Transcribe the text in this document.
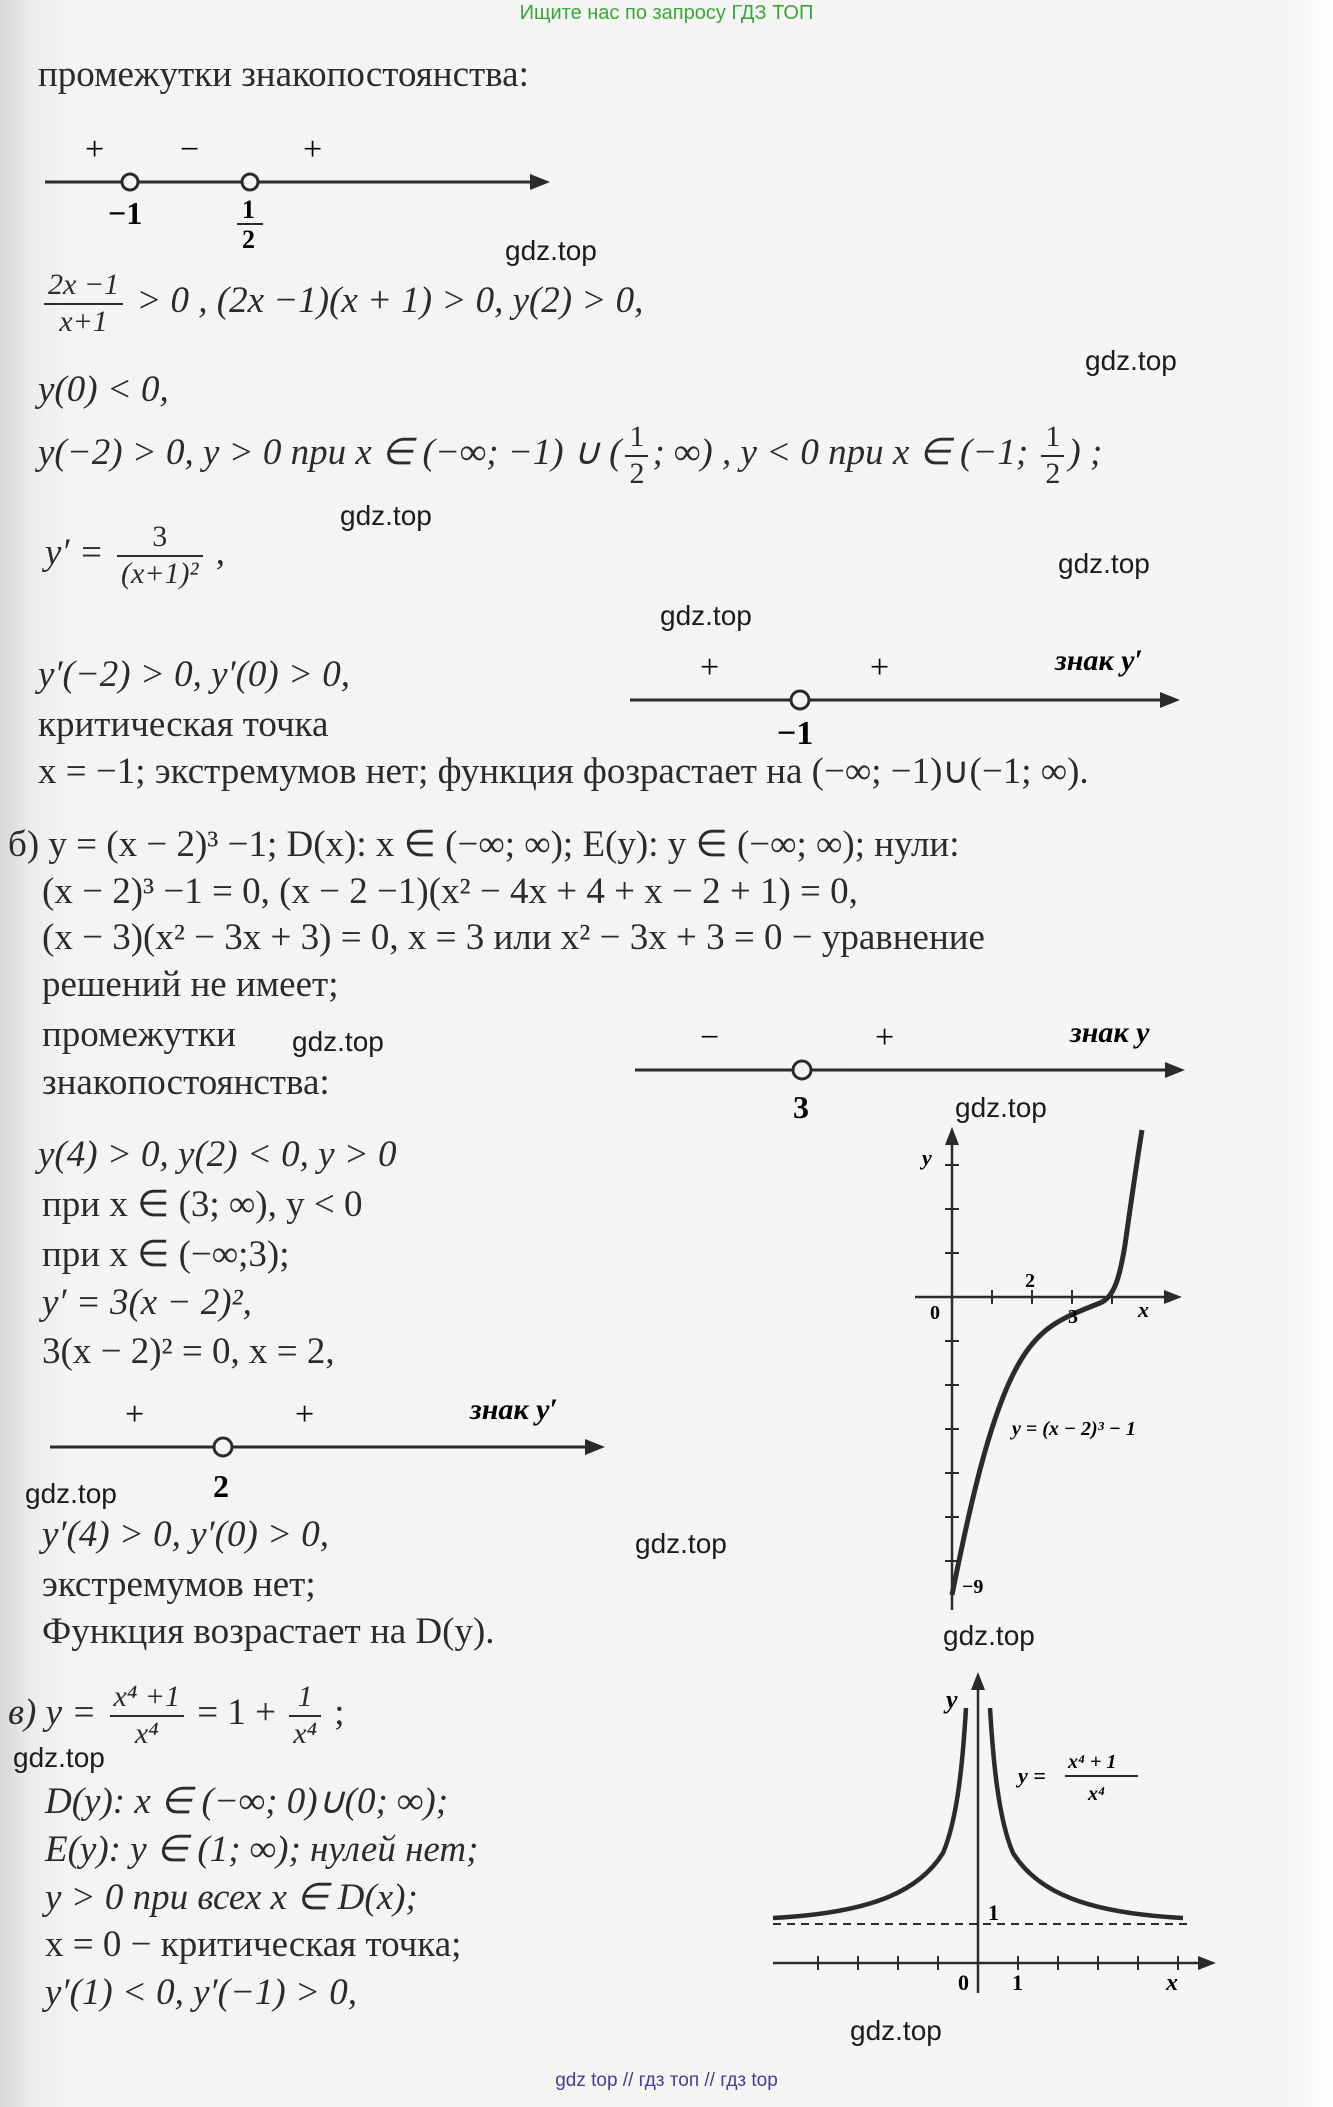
Ищите нас по запросу ГДЗ ТОП
gdz.top
gdz.top
gdz.top
gdz.top
gdz.top
gdz.top
gdz.top
gdz.top
gdz.top
gdz.top
gdz.top
gdz.top
промежутки знакопостоянства:
+ −	+
−1	1
2
$\frac{2x -1}{x+1} > 0$ , (2x −1)(x + 1) > 0, y(2) > 0,
y(0) < 0,
y(−2) > 0, y > 0 при x ∈ (−∞; −1) ∪ ( $\frac{1}{2}$ ; ∞) , y < 0 при x ∈ (−1; $\frac{1}{2}$ ) ;
$y' = \frac{3}{\text{(x+1)²}}$ ,
y′(−2) > 0, y′(0) > 0,
критическая точка
x = −1; экстремумов нет; функция фозрастает на (−∞; −1)∪(−1; ∞).
+	+	знак y′
−1
б) y = (x − 2)³ −1; D(x): x ∈ (−∞; ∞); E(y): y ∈ (−∞; ∞); нули:
(x − 2)³ −1 = 0, (x − 2 −1)(x² − 4x + 4 + x − 2 + 1) = 0,
(x − 3)(x² − 3x + 3) = 0, x = 3 или x² − 3x + 3 = 0 − уравнение
решений не имеет;
промежутки
знакопостоянства:
−	+	знак y
3
y(4) > 0, y(2) < 0, y > 0
при x ∈ (3; ∞), y < 0
при x ∈ (−∞;3);
y′ = 3(x − 2)²,
3(x − 2)² = 0, x = 2,
+	+	знак y′
2
y′(4) > 0, y′(0) > 0,
экстремумов нет;
Функция возрастает на D(y).
y
x
0
2
3
−9
y = (x − 2)³ − 1
в) $y = \frac{\text{x⁴ +1}}{\text{x⁴}} = 1 + \frac{1}{\text{x⁴}}$ ;
D(y): x ∈ (−∞; 0)∪(0; ∞);
E(y): y ∈ (1; ∞); нулей нет;
y > 0 при всех x ∈ D(x);
x = 0 − критическая точка;
y′(1) < 0, y′(−1) > 0,
y
x
0 1
1
y =
x⁴ + 1
x⁴
gdz top // гдз топ // гдз top
